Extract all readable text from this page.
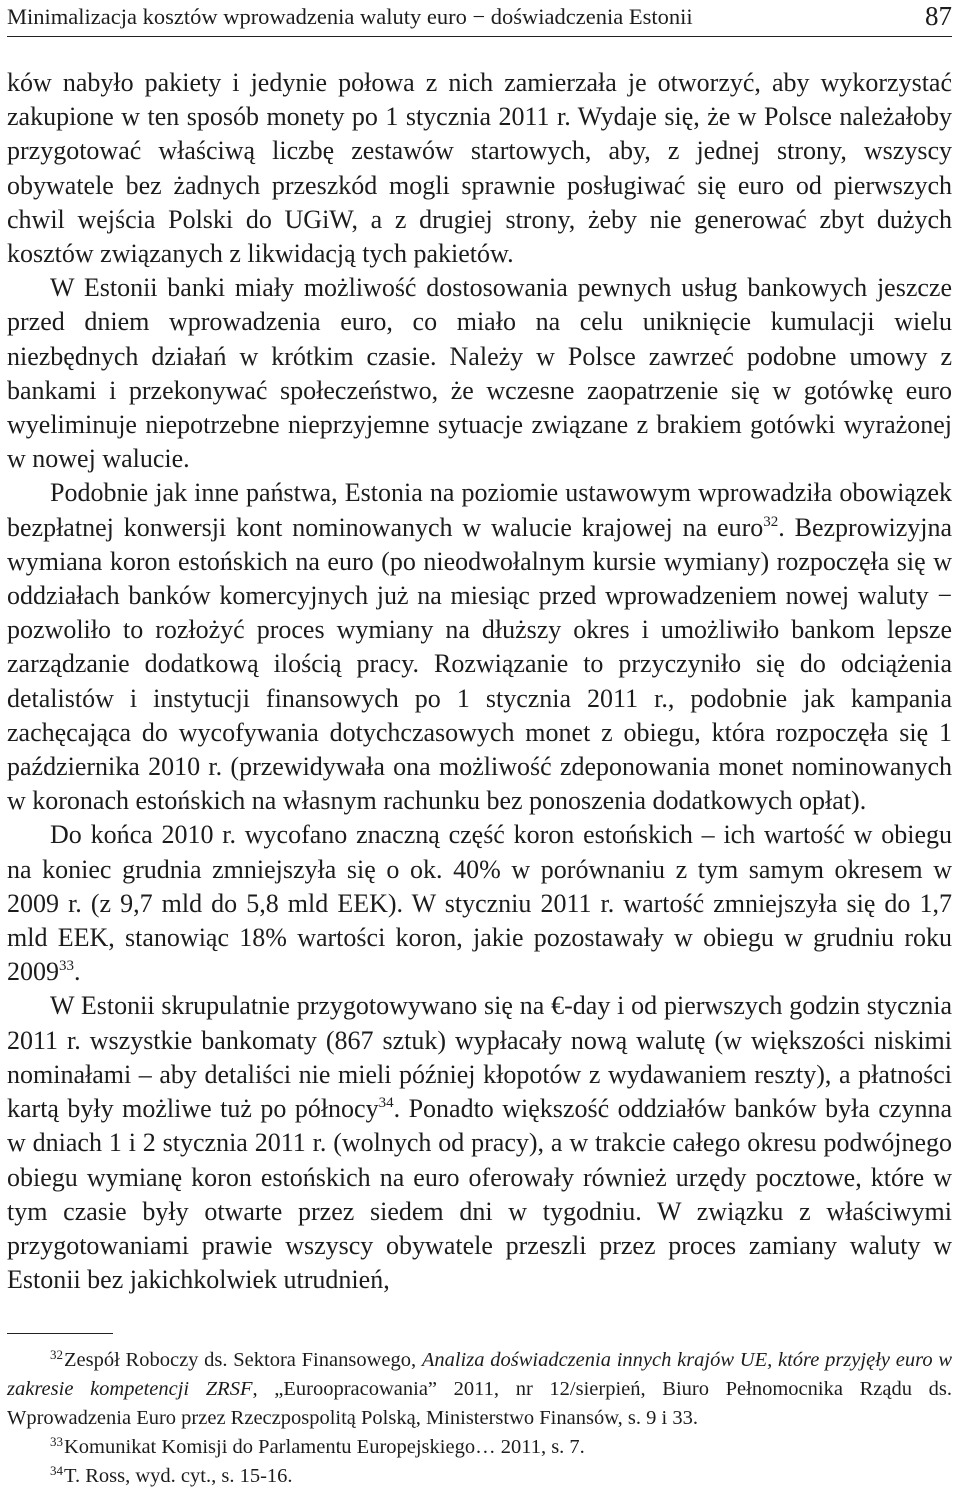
Minimalizacja kosztów wprowadzenia waluty euro − doświadczenia Estonii	87

ków nabyło pakiety i jedynie połowa z nich zamierzała je otworzyć, aby wykorzystać zakupione w ten sposób monety po 1 stycznia 2011 r. Wydaje się, że w Polsce należałoby przygotować właściwą liczbę zestawów startowych, aby, z jednej strony, wszyscy obywatele bez żadnych przeszkód mogli sprawnie posługiwać się euro od pierwszych chwil wejścia Polski do UGiW, a z drugiej strony, żeby nie generować zbyt dużych kosztów związanych z likwidacją tych pakietów.

W Estonii banki miały możliwość dostosowania pewnych usług bankowych jeszcze przed dniem wprowadzenia euro, co miało na celu uniknięcie kumulacji wielu niezbędnych działań w krótkim czasie. Należy w Polsce zawrzeć podobne umowy z bankami i przekonywać społeczeństwo, że wczesne zaopatrzenie się w gotówkę euro wyeliminuje niepotrzebne nieprzyjemne sytuacje związane z brakiem gotówki wyrażonej w nowej walucie.

Podobnie jak inne państwa, Estonia na poziomie ustawowym wprowadziła obowiązek bezpłatnej konwersji kont nominowanych w walucie krajowej na euro$^{32}$. Bezprowizyjna wymiana koron estońskich na euro (po nieodwołalnym kursie wymiany) rozpoczęła się w oddziałach banków komercyjnych już na miesiąc przed wprowadzeniem nowej waluty − pozwoliło to rozłożyć proces wymiany na dłuższy okres i umożliwiło bankom lepsze zarządzanie dodatkową ilością pracy. Rozwiązanie to przyczyniło się do odciążenia detalistów i instytucji finansowych po 1 stycznia 2011 r., podobnie jak kampania zachęcająca do wycofywania dotychczasowych monet z obiegu, która rozpoczęła się 1 października 2010 r. (przewidywała ona możliwość zdeponowania monet nominowanych w koronach estońskich na własnym rachunku bez ponoszenia dodatkowych opłat).

Do końca 2010 r. wycofano znaczną część koron estońskich – ich wartość w obiegu na koniec grudnia zmniejszyła się o ok. 40% w porównaniu z tym samym okresem w 2009 r. (z 9,7 mld do 5,8 mld EEK). W styczniu 2011 r. wartość zmniejszyła się do 1,7 mld EEK, stanowiąc 18% wartości koron, jakie pozostawały w obiegu w grudniu roku 2009$^{33}$.

W Estonii skrupulatnie przygotowywano się na €-day i od pierwszych godzin stycznia 2011 r. wszystkie bankomaty (867 sztuk) wypłacały nową walutę (w większości niskimi nominałami – aby detaliści nie mieli później kłopotów z wydawaniem reszty), a płatności kartą były możliwe tuż po północy$^{34}$. Ponadto większość oddziałów banków była czynna w dniach 1 i 2 stycznia 2011 r. (wolnych od pracy), a w trakcie całego okresu podwójnego obiegu wymianę koron estońskich na euro oferowały również urzędy pocztowe, które w tym czasie były otwarte przez siedem dni w tygodniu. W związku z właściwymi przygotowaniami prawie wszyscy obywatele przeszli przez proces zamiany waluty w Estonii bez jakichkolwiek utrudnień,

$^{32}$Zespół Roboczy ds. Sektora Finansowego, Analiza doświadczenia innych krajów UE, które przyjęły euro w zakresie kompetencji ZRSF, „Euroopracowania” 2011, nr 12/sierpień, Biuro Pełnomocnika Rządu ds. Wprowadzenia Euro przez Rzeczpospolitą Polską, Ministerstwo Finansów, s. 9 i 33.

$^{33}$Komunikat Komisji do Parlamentu Europejskiego… 2011, s. 7.

$^{34}$T. Ross, wyd. cyt., s. 15-16.
